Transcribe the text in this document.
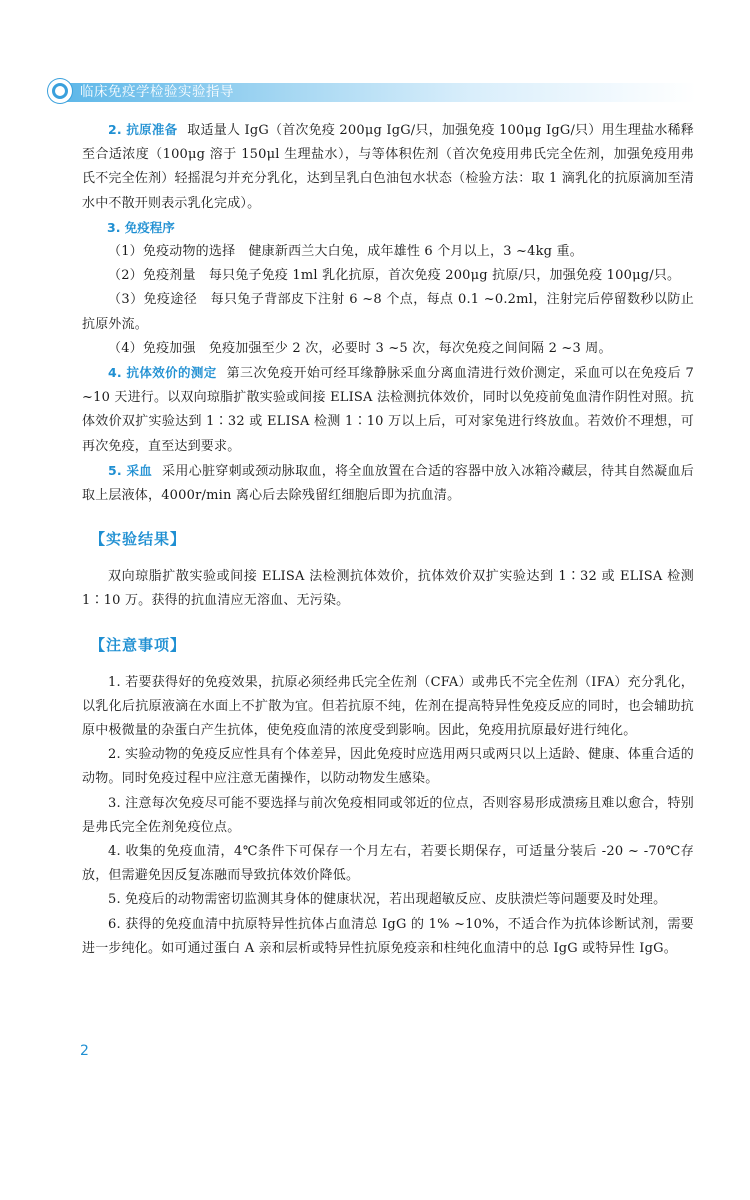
临床免疫学检验实验指导

2. 抗原准备 取适量人 IgG（首次免疫 200μg IgG/只，加强免疫 100μg IgG/只）用生理盐水稀释至合适浓度（100μg 溶于 150μl 生理盐水），与等体积佐剂（首次免疫用弗氏完全佐剂，加强免疫用弗氏不完全佐剂）轻摇混匀并充分乳化，达到呈乳白色油包水状态（检验方法：取 1 滴乳化的抗原滴加至清水中不散开则表示乳化完成）。

3. 免疫程序

（1）免疫动物的选择　健康新西兰大白兔，成年雄性 6 个月以上，3 ~4kg 重。

（2）免疫剂量　每只兔子免疫 1ml 乳化抗原，首次免疫 200μg 抗原/只，加强免疫 100μg/只。

（3）免疫途径　每只兔子背部皮下注射 6 ~8 个点，每点 0.1 ~0.2ml，注射完后停留数秒以防止抗原外流。

（4）免疫加强　免疫加强至少 2 次，必要时 3 ~5 次，每次免疫之间间隔 2 ~3 周。

4. 抗体效价的测定 第三次免疫开始可经耳缘静脉采血分离血清进行效价测定，采血可以在免疫后 7 ~10 天进行。以双向琼脂扩散实验或间接 ELISA 法检测抗体效价，同时以免疫前兔血清作阴性对照。抗体效价双扩实验达到 1∶32 或 ELISA 检测 1∶10 万以上后，可对家兔进行终放血。若效价不理想，可再次免疫，直至达到要求。

5. 采血 采用心脏穿刺或颈动脉取血，将全血放置在合适的容器中放入冰箱冷藏层，待其自然凝血后取上层液体，4000r/min 离心后去除残留红细胞后即为抗血清。

【实验结果】

双向琼脂扩散实验或间接 ELISA 法检测抗体效价，抗体效价双扩实验达到 1∶32 或 ELISA 检测 1∶10 万。获得的抗血清应无溶血、无污染。

【注意事项】

1. 若要获得好的免疫效果，抗原必须经弗氏完全佐剂（CFA）或弗氏不完全佐剂（IFA）充分乳化，以乳化后抗原液滴在水面上不扩散为宜。但若抗原不纯，佐剂在提高特异性免疫反应的同时，也会辅助抗原中极微量的杂蛋白产生抗体，使免疫血清的浓度受到影响。因此，免疫用抗原最好进行纯化。

2. 实验动物的免疫反应性具有个体差异，因此免疫时应选用两只或两只以上适龄、健康、体重合适的动物。同时免疫过程中应注意无菌操作，以防动物发生感染。

3. 注意每次免疫尽可能不要选择与前次免疫相同或邻近的位点，否则容易形成溃疡且难以愈合，特别是弗氏完全佐剂免疫位点。

4. 收集的免疫血清，4℃条件下可保存一个月左右，若要长期保存，可适量分装后 -20 ~ -70℃存放，但需避免因反复冻融而导致抗体效价降低。

5. 免疫后的动物需密切监测其身体的健康状况，若出现超敏反应、皮肤溃烂等问题要及时处理。

6. 获得的免疫血清中抗原特异性抗体占血清总 IgG 的 1% ~10%，不适合作为抗体诊断试剂，需要进一步纯化。如可通过蛋白 A 亲和层析或特异性抗原免疫亲和柱纯化血清中的总 IgG 或特异性 IgG。

2
